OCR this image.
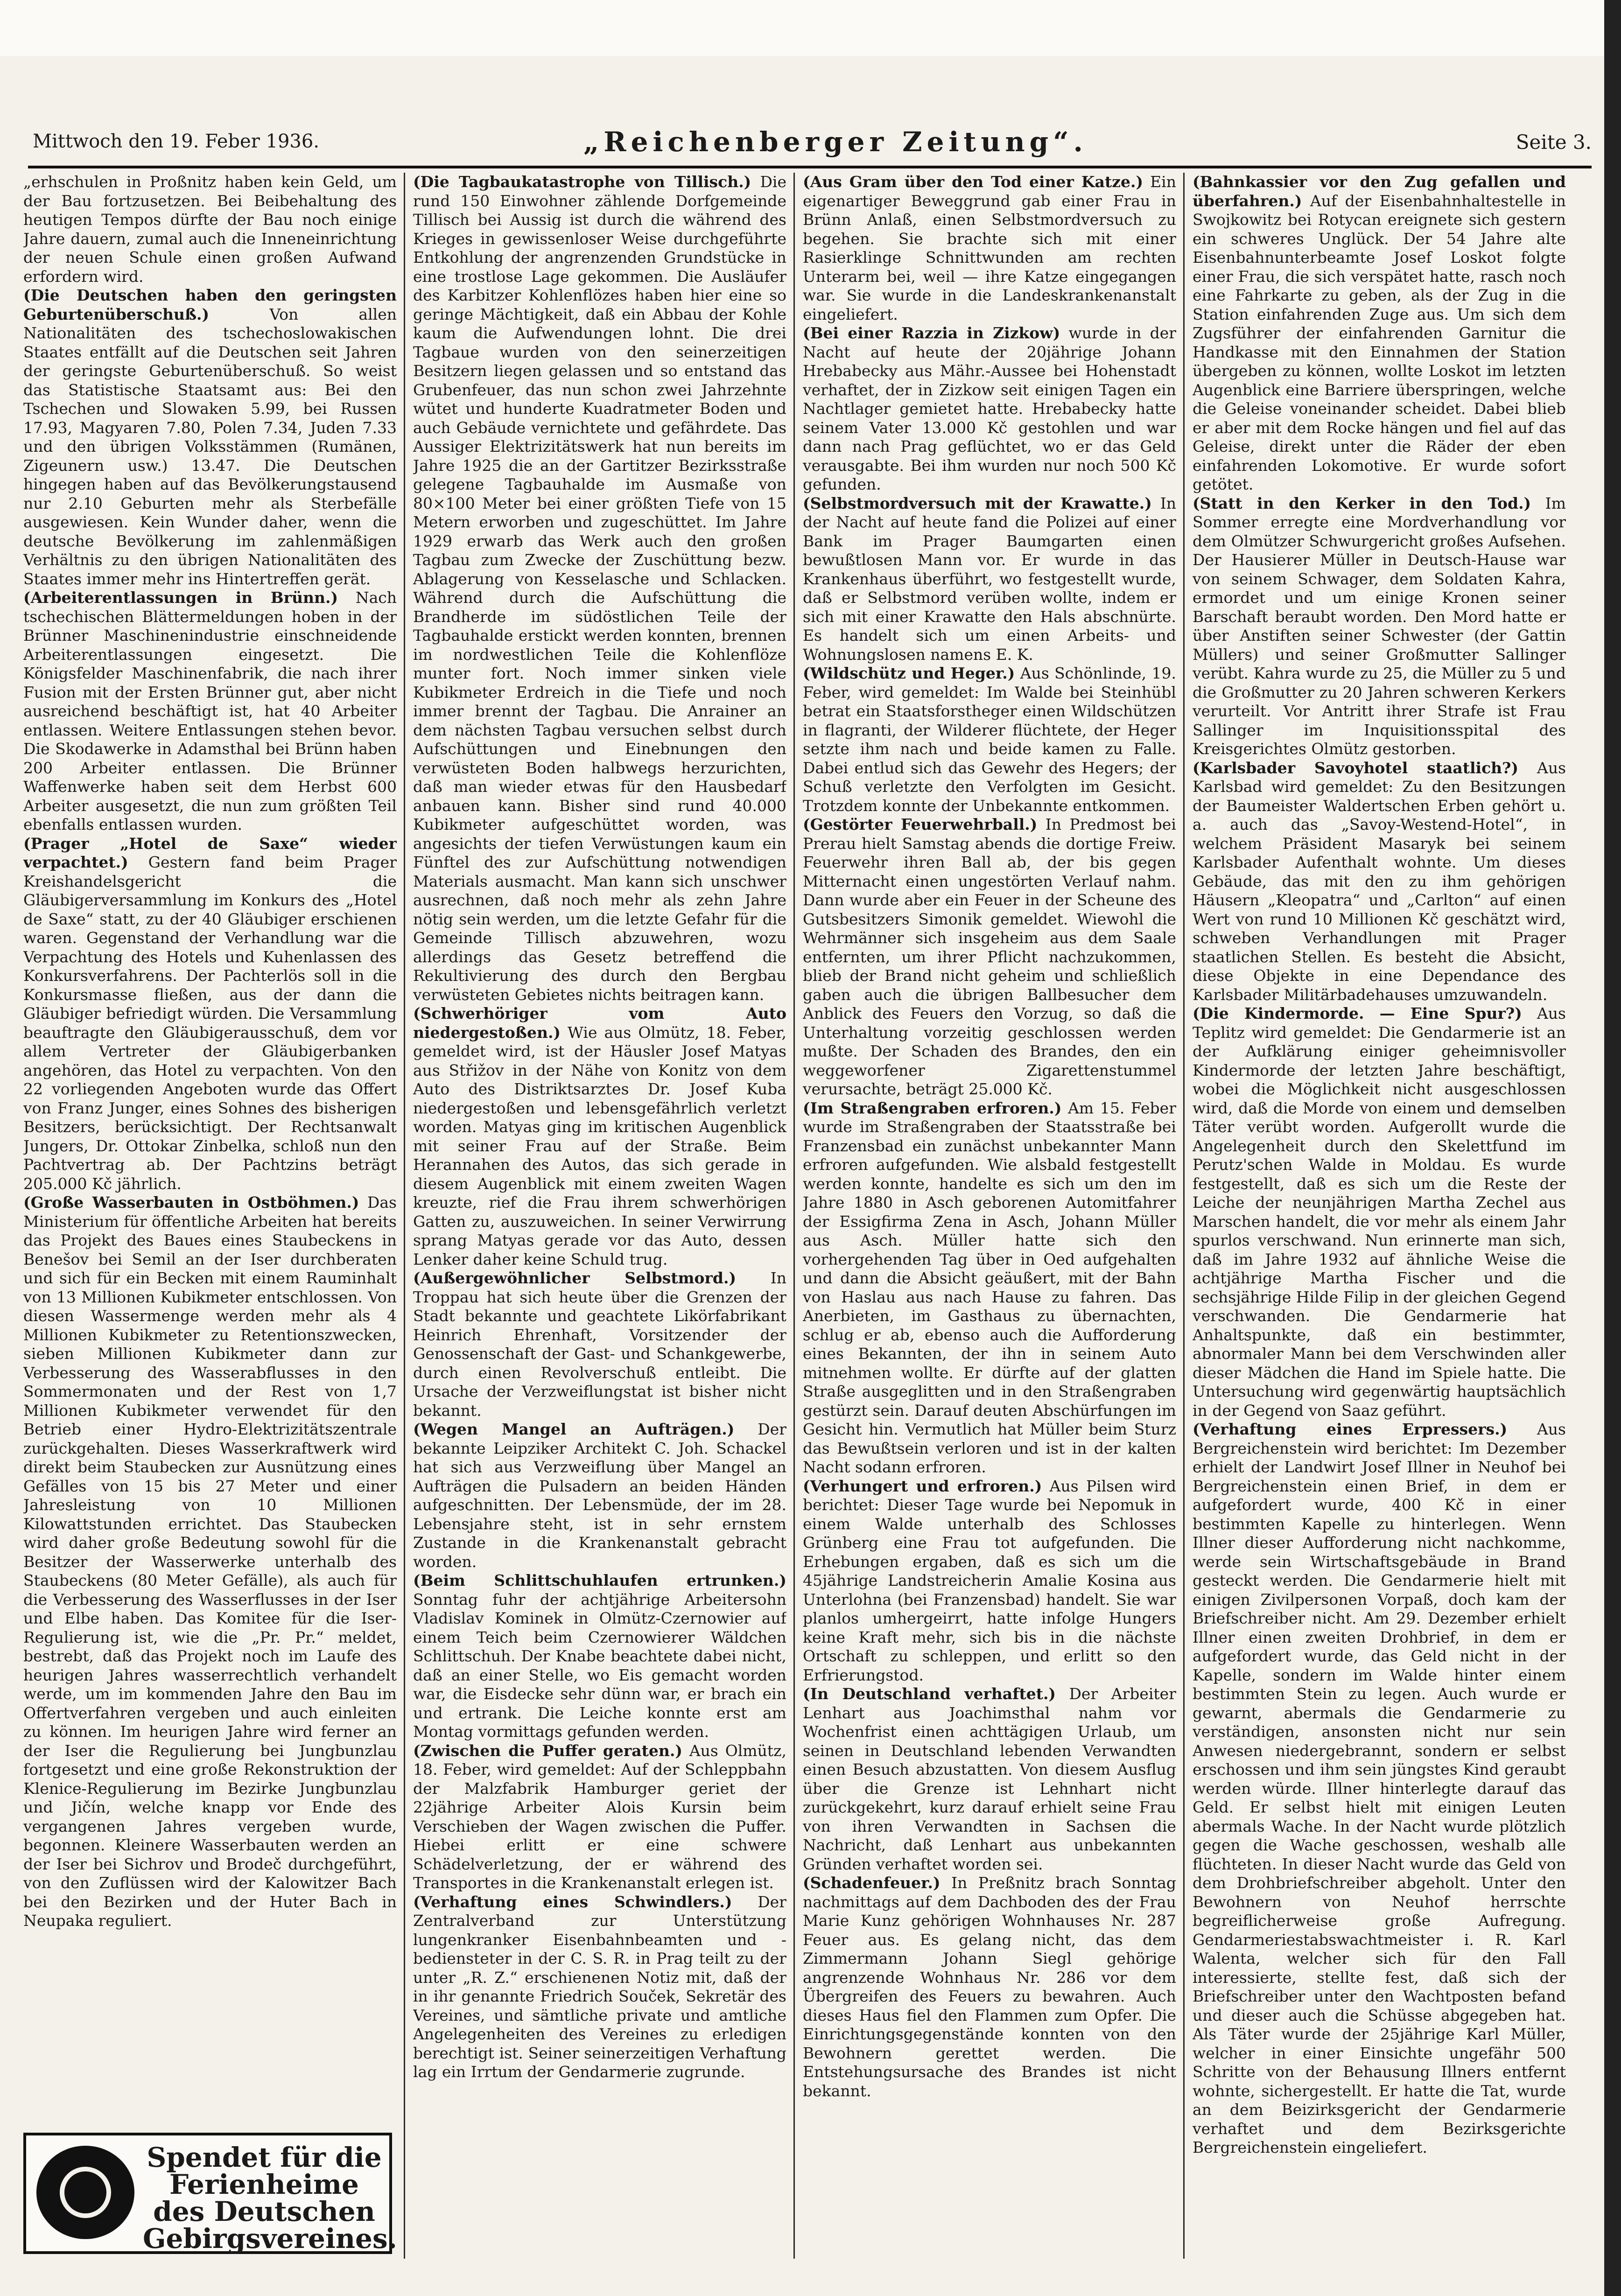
Mittwoch den 19. Feber 1936.	„Reichenberger Zeitung“.	Seite 3.

„erhschulen in Proßnitz haben kein Geld, um der Bau fortzusetzen. Bei Beibehaltung des heutigen Tempos dürfte der Bau noch einige Jahre dauern, zumal auch die Inneneinrichtung der neuen Schule einen großen Aufwand erfordern wird.

(Die Deutschen haben den geringsten Geburtenüberschuß.)	Von allen Nationalitäten des tschechoslowakischen Staates entfällt auf die Deutschen seit Jahren der geringste Geburtenüberschuß. So weist das Statistische Staatsamt aus: Bei den Tschechen und Slowaken 5.99, bei Russen 17.93, Magyaren 7.80, Polen 7.34, Juden 7.33 und den übrigen Volksstämmen (Rumänen, Zigeunern usw.) 13.47. Die Deutschen hingegen haben auf das Bevölkerungstausend nur 2.10 Geburten mehr als Sterbefälle ausgewiesen. Kein Wunder daher, wenn die deutsche Bevölkerung im zahlenmäßigen Verhältnis zu den übrigen Nationalitäten des Staates immer mehr ins Hintertreffen gerät.

(Arbeiterentlassungen in Brünn.) Nach tschechischen Blättermeldungen hoben in der Brünner Maschinenindustrie einschneidende Arbeiterentlassungen eingesetzt. Die Königsfelder Maschinenfabrik, die nach ihrer Fusion mit der Ersten Brünner gut, aber nicht ausreichend beschäftigt ist, hat 40 Arbeiter entlassen. Weitere Entlassungen stehen bevor. Die Skodawerke in Adamsthal bei Brünn haben 200 Arbeiter entlassen. Die Brünner Waffenwerke haben seit dem Herbst 600 Arbeiter ausgesetzt, die nun zum größten Teil ebenfalls entlassen wurden.

(Prager „Hotel de Saxe“ wieder verpachtet.) Gestern fand beim Prager Kreishandelsgericht die Gläubigerversammlung im Konkurs des „Hotel de Saxe“ statt, zu der 40 Gläubiger erschienen waren. Gegenstand der Verhandlung war die Verpachtung des Hotels und Kuhenlassen des Konkursverfahrens. Der Pachterlös soll in die Konkursmasse fließen, aus der dann die Gläubiger befriedigt würden. Die Versammlung beauftragte den Gläubigerausschuß, dem vor allem Vertreter der Gläubigerbanken angehören, das Hotel zu verpachten. Von den 22 vorliegenden Angeboten wurde das Offert von Franz Junger, eines Sohnes des bisherigen Besitzers, berücksichtigt. Der Rechtsanwalt Jungers, Dr. Ottokar Zinbelka, schloß nun den Pachtvertrag ab. Der Pachtzins beträgt 205.000 Kč jährlich.

(Große Wasserbauten in Ostböhmen.) Das Ministerium für öffentliche Arbeiten hat bereits das Projekt des Baues eines Staubeckens in Benešov bei Semil an der Iser durchberaten und sich für ein Becken mit einem Rauminhalt von 13 Millionen Kubikmeter entschlossen. Von diesen Wassermenge werden mehr als 4 Millionen Kubikmeter zu Retentionszwecken, sieben Millionen Kubikmeter dann zur Verbesserung des Wasserabflusses in den Sommermonaten und der Rest von 1,7 Millionen Kubikmeter verwendet für den Betrieb einer Hydro-Elektrizitätszentrale zurückgehalten. Dieses Wasserkraftwerk wird direkt beim Staubecken zur Ausnützung eines Gefälles von 15 bis 27 Meter und einer Jahresleistung von 10 Millionen Kilowattstunden errichtet. Das Staubecken wird daher große Bedeutung sowohl für die Besitzer der Wasserwerke unterhalb des Staubeckens (80 Meter Gefälle), als auch für die Verbesserung des Wasserflusses in der Iser und Elbe haben. Das Komitee für die Iser-Regulierung ist, wie die „Pr. Pr.“ meldet, bestrebt, daß das Projekt noch im Laufe des heurigen Jahres wasserrechtlich verhandelt werde, um im kommenden Jahre den Bau im Offertverfahren vergeben und auch einleiten zu können. Im heurigen Jahre wird ferner an der Iser die Regulierung bei Jungbunzlau fortgesetzt und eine große Rekonstruktion der Klenice-Regulierung im Bezirke Jungbunzlau und Jičín, welche knapp vor Ende des vergangenen Jahres vergeben wurde, begonnen. Kleinere Wasserbauten werden an der Iser bei Sichrov und Brodeč durchgeführt, von den Zuflüssen wird der Kalowitzer Bach bei den Bezirken und der Huter Bach in Neupaka reguliert.

(Die Tagbaukatastrophe von Tillisch.) Die rund 150 Einwohner zählende Dorfgemeinde Tillisch bei Aussig ist durch die während des Krieges in gewissenloser Weise durchgeführte Entkohlung der angrenzenden Grundstücke in eine trostlose Lage gekommen. Die Ausläufer des Karbitzer Kohlenflözes haben hier eine so geringe Mächtigkeit, daß ein Abbau der Kohle kaum die Aufwendungen lohnt. Die drei Tagbaue wurden von den seinerzeitigen Besitzern liegen gelassen und so entstand das Grubenfeuer, das nun schon zwei Jahrzehnte wütet und hunderte Kuadratmeter Boden und auch Gebäude vernichtete und gefährdete. Das Aussiger Elektrizitätswerk hat nun bereits im Jahre 1925 die an der Gartitzer Bezirksstraße gelegene Tagbauhalde im Ausmaße von 80×100 Meter bei einer größten Tiefe von 15 Metern erworben und zugeschüttet. Im Jahre 1929 erwarb das Werk auch den großen Tagbau zum Zwecke der Zuschüttung bezw. Ablagerung von Kesselasche und Schlacken. Während durch die Aufschüttung die Brandherde im südöstlichen Teile der Tagbauhalde erstickt werden konnten, brennen im nordwestlichen Teile die Kohlenflöze munter fort. Noch immer sinken viele Kubikmeter Erdreich in die Tiefe und noch immer brennt der Tagbau. Die Anrainer an dem nächsten Tagbau versuchen selbst durch Aufschüttungen und Einebnungen den verwüsteten Boden halbwegs herzurichten, daß man wieder etwas für den Hausbedarf anbauen kann. Bisher sind rund 40.000 Kubikmeter aufgeschüttet worden, was angesichts der tiefen Verwüstungen kaum ein Fünftel des zur Aufschüttung notwendigen Materials ausmacht. Man kann sich unschwer ausrechnen, daß noch mehr als zehn Jahre nötig sein werden, um die letzte Gefahr für die Gemeinde Tillisch abzuwehren, wozu allerdings das Gesetz betreffend die Rekultivierung des durch den Bergbau verwüsteten Gebietes nichts beitragen kann.

(Schwerhöriger vom Auto niedergestoßen.) Wie aus Olmütz, 18. Feber, gemeldet wird, ist der Häusler Josef Matyas aus Střižov in der Nähe von Konitz von dem Auto des Distriktsarztes Dr. Josef Kuba niedergestoßen und lebensgefährlich verletzt worden. Matyas ging im kritischen Augenblick mit seiner Frau auf der Straße. Beim Herannahen des Autos, das sich gerade in diesem Augenblick mit einem zweiten Wagen kreuzte, rief die Frau ihrem schwerhörigen Gatten zu, auszuweichen. In seiner Verwirrung sprang Matyas gerade vor das Auto, dessen Lenker daher keine Schuld trug.

(Außergewöhnlicher Selbstmord.) In Troppau hat sich heute über die Grenzen der Stadt bekannte und geachtete Likörfabrikant Heinrich Ehrenhaft, Vorsitzender der Genossenschaft der Gast- und Schankgewerbe, durch einen Revolverschuß entleibt. Die Ursache der Verzweiflungstat ist bisher nicht bekannt.

(Wegen Mangel an Aufträgen.) Der bekannte Leipziker Architekt C. Joh. Schackel hat sich aus Verzweiflung über Mangel an Aufträgen die Pulsadern an beiden Händen aufgeschnitten. Der Lebensmüde, der im 28. Lebensjahre steht, ist in sehr ernstem Zustande in die Krankenanstalt gebracht worden.

(Beim Schlittschuhlaufen ertrunken.) Sonntag fuhr der achtjährige Arbeitersohn Vladislav Kominek in Olmütz-Czernowier auf einem Teich beim Czernowierer Wäldchen Schlittschuh. Der Knabe beachtete dabei nicht, daß an einer Stelle, wo Eis gemacht worden war, die Eisdecke sehr dünn war, er brach ein und ertrank. Die Leiche konnte erst am Montag vormittags gefunden werden.

(Zwischen die Puffer geraten.) Aus Olmütz, 18. Feber, wird gemeldet: Auf der Schleppbahn der Malzfabrik Hamburger geriet der 22jährige Arbeiter Alois Kursin beim Verschieben der Wagen zwischen die Puffer. Hiebei erlitt er eine schwere Schädelverletzung, der er während des Transportes in die Krankenanstalt erlegen ist.

(Verhaftung eines Schwindlers.) Der Zentralverband zur Unterstützung lungenkranker Eisenbahnbeamten und -bediensteter in der C. S. R. in Prag teilt zu der unter „R. Z.“ erschienenen Notiz mit, daß der in ihr genannte Friedrich Souček, Sekretär des Vereines, und sämtliche private und amtliche Angelegenheiten des Vereines zu erledigen berechtigt ist. Seiner seinerzeitigen Verhaftung lag ein Irrtum der Gendarmerie zugrunde.

(Aus Gram über den Tod einer Katze.) Ein eigenartiger Beweggrund gab einer Frau in Brünn Anlaß, einen Selbstmordversuch zu begehen. Sie brachte sich mit einer Rasierklinge Schnittwunden am rechten Unterarm bei, weil — ihre Katze eingegangen war. Sie wurde in die Landeskrankenanstalt eingeliefert.

(Bei einer Razzia in Zizkow) wurde in der Nacht auf heute der 20jährige Johann Hrebabecky aus Mähr.-Aussee bei Hohenstadt verhaftet, der in Zizkow seit einigen Tagen ein Nachtlager gemietet hatte. Hrebabecky hatte seinem Vater 13.000 Kč gestohlen und war dann nach Prag geflüchtet, wo er das Geld verausgabte. Bei ihm wurden nur noch 500 Kč gefunden.

(Selbstmordversuch mit der Krawatte.) In der Nacht auf heute fand die Polizei auf einer Bank im Prager Baumgarten einen bewußtlosen Mann vor. Er wurde in das Krankenhaus überführt, wo festgestellt wurde, daß er Selbstmord verüben wollte, indem er sich mit einer Krawatte den Hals abschnürte. Es handelt sich um einen Arbeits- und Wohnungslosen namens E. K.

(Wildschütz und Heger.) Aus Schönlinde, 19. Feber, wird gemeldet: Im Walde bei Steinhübl betrat ein Staatsforstheger einen Wildschützen in flagranti, der Wilderer flüchtete, der Heger setzte ihm nach und beide kamen zu Falle. Dabei entlud sich das Gewehr des Hegers; der Schuß verletzte den Verfolgten im Gesicht. Trotzdem konnte der Unbekannte entkommen.

(Gestörter Feuerwehrball.) In Predmost bei Prerau hielt Samstag abends die dortige Freiw. Feuerwehr ihren Ball ab, der bis gegen Mitternacht einen ungestörten Verlauf nahm. Dann wurde aber ein Feuer in der Scheune des Gutsbesitzers Simonik gemeldet. Wiewohl die Wehrmänner sich insgeheim aus dem Saale entfernten, um ihrer Pflicht nachzukommen, blieb der Brand nicht geheim und schließlich gaben auch die übrigen Ballbesucher dem Anblick des Feuers den Vorzug, so daß die Unterhaltung vorzeitig geschlossen werden mußte. Der Schaden des Brandes, den ein weggeworfener Zigarettenstummel verursachte, beträgt 25.000 Kč.

(Im Straßengraben erfroren.) Am 15. Feber wurde im Straßengraben der Staatsstraße bei Franzensbad ein zunächst unbekannter Mann erfroren aufgefunden. Wie alsbald festgestellt werden konnte, handelte es sich um den im Jahre 1880 in Asch geborenen Automitfahrer der Essigfirma Zena in Asch, Johann Müller aus Asch. Müller hatte sich den vorhergehenden Tag über in Oed aufgehalten und dann die Absicht geäußert, mit der Bahn von Haslau aus nach Hause zu fahren. Das Anerbieten, im Gasthaus zu übernachten, schlug er ab, ebenso auch die Aufforderung eines Bekannten, der ihn in seinem Auto mitnehmen wollte. Er dürfte auf der glatten Straße ausgeglitten und in den Straßengraben gestürzt sein. Darauf deuten Abschürfungen im Gesicht hin. Vermutlich hat Müller beim Sturz das Bewußtsein verloren und ist in der kalten Nacht sodann erfroren.

(Verhungert und erfroren.) Aus Pilsen wird berichtet: Dieser Tage wurde bei Nepomuk in einem Walde unterhalb des Schlosses Grünberg eine Frau tot aufgefunden. Die Erhebungen ergaben, daß es sich um die 45jährige Landstreicherin Amalie Kosina aus Unterlohna (bei Franzensbad) handelt. Sie war planlos umhergeirrt, hatte infolge Hungers keine Kraft mehr, sich bis in die nächste Ortschaft zu schleppen, und erlitt so den Erfrierungstod.

(In Deutschland verhaftet.) Der Arbeiter Lenhart aus Joachimsthal nahm vor Wochenfrist einen achttägigen Urlaub, um seinen in Deutschland lebenden Verwandten einen Besuch abzustatten. Von diesem Ausflug über die Grenze ist Lehnhart nicht zurückgekehrt, kurz darauf erhielt seine Frau von ihren Verwandten in Sachsen die Nachricht, daß Lenhart aus unbekannten Gründen verhaftet worden sei.

(Schadenfeuer.) In Preßnitz brach Sonntag nachmittags auf dem Dachboden des der Frau Marie Kunz gehörigen Wohnhauses Nr. 287 Feuer aus. Es gelang nicht, das dem Zimmermann Johann Siegl gehörige angrenzende Wohnhaus Nr. 286 vor dem Übergreifen des Feuers zu bewahren. Auch dieses Haus fiel den Flammen zum Opfer. Die Einrichtungsgegenstände konnten von den Bewohnern gerettet werden. Die Entstehungsursache des Brandes ist nicht bekannt.

(Bahnkassier vor den Zug gefallen und überfahren.) Auf der Eisenbahnhaltestelle in Swojkowitz bei Rotycan ereignete sich gestern ein schweres Unglück. Der 54 Jahre alte Eisenbahnunterbeamte Josef Loskot folgte einer Frau, die sich verspätet hatte, rasch noch eine Fahrkarte zu geben, als der Zug in die Station einfahrenden Zuge aus. Um sich dem Zugsführer der einfahrenden Garnitur die Handkasse mit den Einnahmen der Station übergeben zu können, wollte Loskot im letzten Augenblick eine Barriere überspringen, welche die Geleise voneinander scheidet. Dabei blieb er aber mit dem Rocke hängen und fiel auf das Geleise, direkt unter die Räder der eben einfahrenden Lokomotive. Er wurde sofort getötet.

(Statt in den Kerker in den Tod.) Im Sommer erregte eine Mordverhandlung vor dem Olmützer Schwurgericht großes Aufsehen. Der Hausierer Müller in Deutsch-Hause war von seinem Schwager, dem Soldaten Kahra, ermordet und um einige Kronen seiner Barschaft beraubt worden. Den Mord hatte er über Anstiften seiner Schwester (der Gattin Müllers) und seiner Großmutter Sallinger verübt. Kahra wurde zu 25, die Müller zu 5 und die Großmutter zu 20 Jahren schweren Kerkers verurteilt. Vor Antritt ihrer Strafe ist Frau Sallinger im Inquisitionsspital des Kreisgerichtes Olmütz gestorben.

(Karlsbader Savoyhotel staatlich?) Aus Karlsbad wird gemeldet: Zu den Besitzungen der Baumeister Waldertschen Erben gehört u. a. auch das „Savoy-Westend-Hotel“, in welchem Präsident Masaryk bei seinem Karlsbader Aufenthalt wohnte. Um dieses Gebäude, das mit den zu ihm gehörigen Häusern „Kleopatra“ und „Carlton“ auf einen Wert von rund 10 Millionen Kč geschätzt wird, schweben Verhandlungen mit Prager staatlichen Stellen. Es besteht die Absicht, diese Objekte in eine Dependance des Karlsbader Militärbadehauses umzuwandeln.

(Die Kindermorde. — Eine Spur?) Aus Teplitz wird gemeldet: Die Gendarmerie ist an der Aufklärung einiger geheimnisvoller Kindermorde der letzten Jahre beschäftigt, wobei die Möglichkeit nicht ausgeschlossen wird, daß die Morde von einem und demselben Täter verübt worden. Aufgerollt wurde die Angelegenheit durch den Skelettfund im Perutz'schen Walde in Moldau. Es wurde festgestellt, daß es sich um die Reste der Leiche der neunjährigen Martha Zechel aus Marschen handelt, die vor mehr als einem Jahr spurlos verschwand. Nun erinnerte man sich, daß im Jahre 1932 auf ähnliche Weise die achtjährige Martha Fischer und die sechsjährige Hilde Filip in der gleichen Gegend verschwanden. Die Gendarmerie hat Anhaltspunkte, daß ein bestimmter, abnormaler Mann bei dem Verschwinden aller dieser Mädchen die Hand im Spiele hatte. Die Untersuchung wird gegenwärtig hauptsächlich in der Gegend von Saaz geführt.

(Verhaftung eines Erpressers.) Aus Bergreichenstein wird berichtet: Im Dezember erhielt der Landwirt Josef Illner in Neuhof bei Bergreichenstein einen Brief, in dem er aufgefordert wurde, 400 Kč in einer bestimmten Kapelle zu hinterlegen. Wenn Illner dieser Aufforderung nicht nachkomme, werde sein Wirtschaftsgebäude in Brand gesteckt werden. Die Gendarmerie hielt mit einigen Zivilpersonen Vorpaß, doch kam der Briefschreiber nicht. Am 29. Dezember erhielt Illner einen zweiten Drohbrief, in dem er aufgefordert wurde, das Geld nicht in der Kapelle, sondern im Walde hinter einem bestimmten Stein zu legen. Auch wurde er gewarnt, abermals die Gendarmerie zu verständigen, ansonsten nicht nur sein Anwesen niedergebrannt, sondern er selbst erschossen und ihm sein jüngstes Kind geraubt werden würde. Illner hinterlegte darauf das Geld. Er selbst hielt mit einigen Leuten abermals Wache. In der Nacht wurde plötzlich gegen die Wache geschossen, weshalb alle flüchteten. In dieser Nacht wurde das Geld von dem Drohbriefschreiber abgeholt. Unter den Bewohnern von Neuhof herrschte begreiflicherweise große Aufregung. Gendarmeriestabswachtmeister i. R. Karl Walenta, welcher sich für den Fall interessierte, stellte fest, daß sich der Briefschreiber unter den Wachtposten befand und dieser auch die Schüsse abgegeben hat. Als Täter wurde der 25jährige Karl Müller, welcher in einer Einsichte ungefähr 500 Schritte von der Behausung Illners entfernt wohnte, sichergestellt. Er hatte die Tat, wurde an dem Beizirksgericht der Gendarmerie verhaftet und dem Bezirksgerichte Bergreichenstein eingeliefert.

Spendet für die
Ferienheime
des Deutschen
Gebirgsvereines.
